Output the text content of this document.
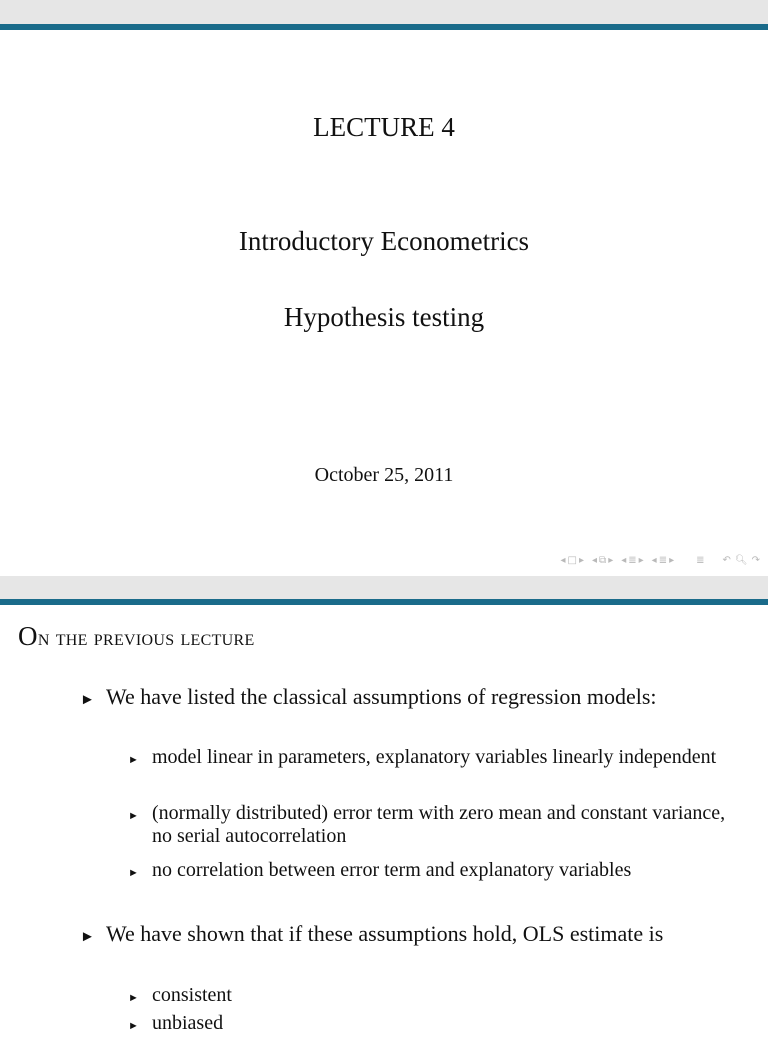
LECTURE 4
Introductory Econometrics
Hypothesis testing
October 25, 2011
◂ □ ▸ ◂ ⧉ ▸ ◂ ≣ ▸ ◂ ≣ ▸ ≣ ↶ 🔍︎ ↷
On the previous lecture
► We have listed the classical assumptions of regression models:
► model linear in parameters, explanatory variables linearly independent
► (normally distributed) error term with zero mean and constant variance, no serial autocorrelation
► no correlation between error term and explanatory variables
► We have shown that if these assumptions hold, OLS estimate is
► consistent
► unbiased
